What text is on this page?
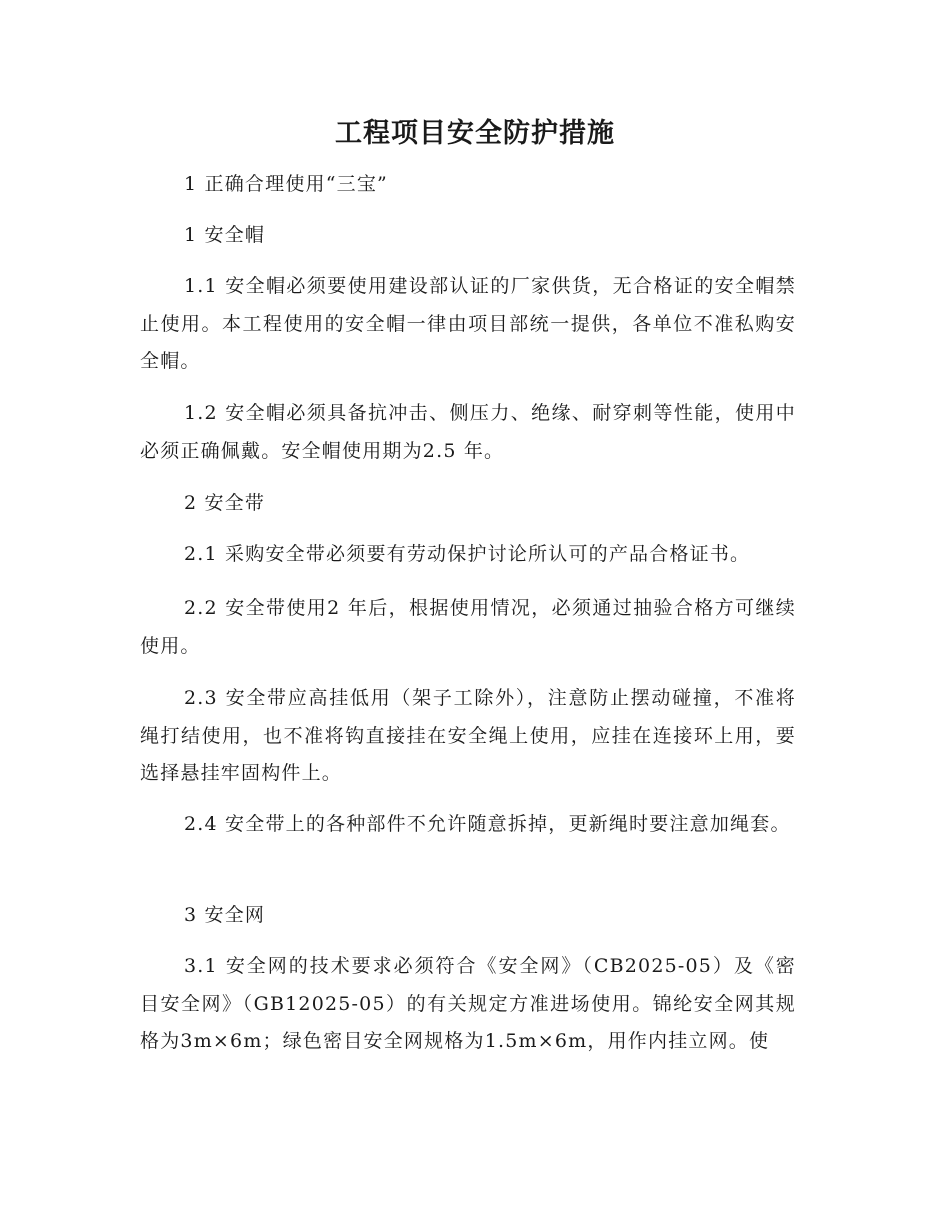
工程项目安全防护措施

1 正确合理使用“三宝”

1 安全帽

1.1 安全帽必须要使用建设部认证的厂家供货，无合格证的安全帽禁止使用。本工程使用的安全帽一律由项目部统一提供，各单位不准私购安全帽。

1.2 安全帽必须具备抗冲击、侧压力、绝缘、耐穿刺等性能，使用中必须正确佩戴。安全帽使用期为2.5 年。

2 安全带

2.1 采购安全带必须要有劳动保护讨论所认可的产品合格证书。

2.2 安全带使用2 年后，根据使用情况，必须通过抽验合格方可继续使用。

2.3 安全带应高挂低用（架子工除外），注意防止摆动碰撞，不准将绳打结使用，也不准将钩直接挂在安全绳上使用，应挂在连接环上用，要选择悬挂牢固构件上。

2.4 安全带上的各种部件不允许随意拆掉，更新绳时要注意加绳套。

3 安全网

3.1 安全网的技术要求必须符合《安全网》（CB2025-05）及《密目安全网》（GB12025-05）的有关规定方准进场使用。锦纶安全网其规格为3m×6m；绿色密目安全网规格为1.5m×6m，用作内挂立网。使
